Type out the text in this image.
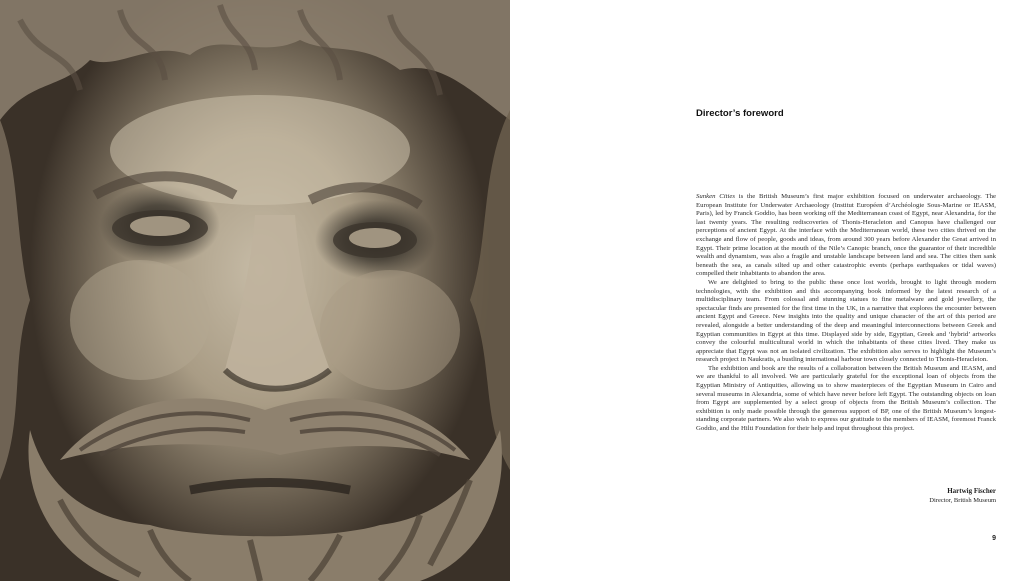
Director’s foreword

Sunken Cities is the British Museum’s first major exhibition focused on underwater archaeology. The European Institute for Underwater Archaeology (Institut Européen d’Archéologie Sous-Marine or IEASM, Paris), led by Franck Goddio, has been working off the Mediterranean coast of Egypt, near Alexandria, for the last twenty years. The resulting rediscoveries of Thonis-Heracleion and Canopus have challenged our perceptions of ancient Egypt. At the interface with the Mediterranean world, these two cities thrived on the exchange and flow of people, goods and ideas, from around 300 years before Alexander the Great arrived in Egypt. Their prime location at the mouth of the Nile’s Canopic branch, once the guarantor of their incredible wealth and dynamism, was also a fragile and unstable landscape between land and sea. The cities then sank beneath the sea, as canals silted up and other catastrophic events (perhaps earthquakes or tidal waves) compelled their inhabitants to abandon the area.

We are delighted to bring to the public these once lost worlds, brought to light through modern technologies, with the exhibition and this accompanying book informed by the latest research of a multidisciplinary team. From colossal and stunning statues to fine metalware and gold jewellery, the spectacular finds are presented for the first time in the UK, in a narrative that explores the encounter between ancient Egypt and Greece. New insights into the quality and unique character of the art of this period are revealed, alongside a better understanding of the deep and meaningful interconnections between Greek and Egyptian communities in Egypt at this time. Displayed side by side, Egyptian, Greek and ‘hybrid’ artworks convey the colourful multicultural world in which the inhabitants of these cities lived. They make us appreciate that Egypt was not an isolated civilization. The exhibition also serves to highlight the Museum’s research project in Naukratis, a bustling international harbour town closely connected to Thonis-Heracleion.

The exhibition and book are the results of a collaboration between the British Museum and IEASM, and we are thankful to all involved. We are particularly grateful for the exceptional loan of objects from the Egyptian Ministry of Antiquities, allowing us to show masterpieces of the Egyptian Museum in Cairo and several museums in Alexandria, some of which have never before left Egypt. The outstanding objects on loan from Egypt are supplemented by a select group of objects from the British Museum’s collection. The exhibition is only made possible through the generous support of BP, one of the British Museum’s longest-standing corporate partners. We also wish to express our gratitude to the members of IEASM, foremost Franck Goddio, and the Hilti Foundation for their help and input throughout this project.

Hartwig Fischer
Director, British Museum
9
